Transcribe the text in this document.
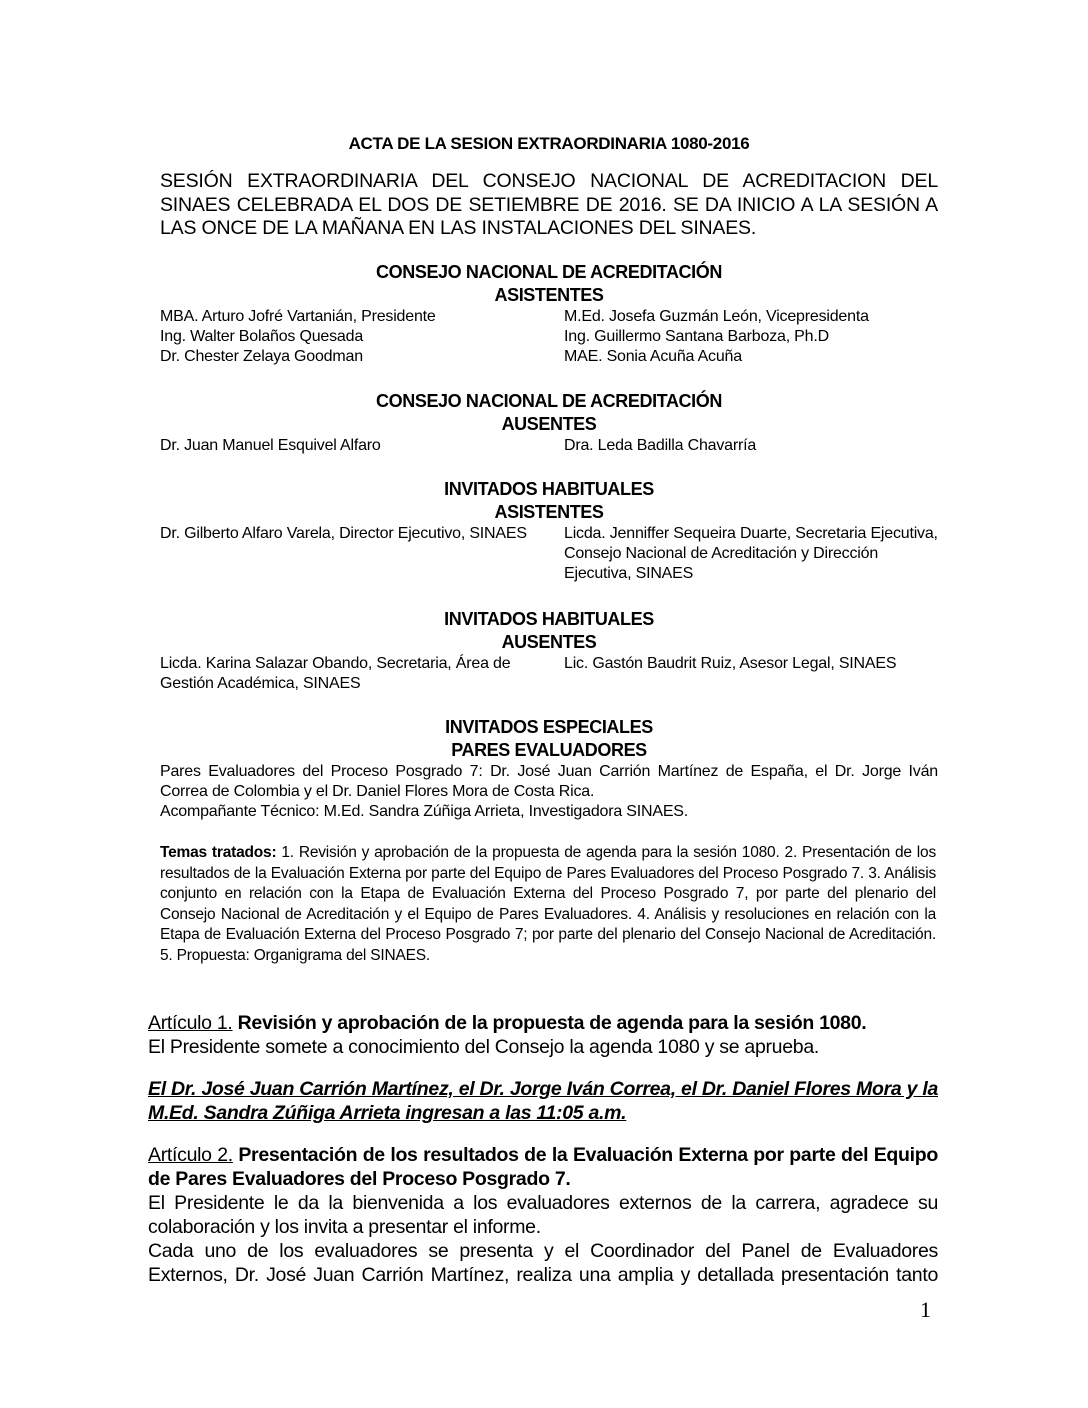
ACTA DE LA SESION EXTRAORDINARIA 1080-2016
SESIÓN EXTRAORDINARIA DEL CONSEJO NACIONAL DE ACREDITACION DEL SINAES CELEBRADA EL DOS DE SETIEMBRE DE 2016. SE DA INICIO A LA SESIÓN A LAS ONCE DE LA MAÑANA EN LAS INSTALACIONES DEL SINAES.
CONSEJO NACIONAL DE ACREDITACIÓN
ASISTENTES
MBA. Arturo Jofré Vartanián, Presidente
Ing. Walter Bolaños Quesada
Dr. Chester Zelaya Goodman
M.Ed. Josefa Guzmán León, Vicepresidenta
Ing. Guillermo Santana Barboza, Ph.D
MAE. Sonia Acuña Acuña
CONSEJO NACIONAL DE ACREDITACIÓN
AUSENTES
Dr. Juan Manuel Esquivel Alfaro	Dra. Leda Badilla Chavarría
INVITADOS HABITUALES
ASISTENTES
Dr. Gilberto Alfaro Varela, Director Ejecutivo, SINAES	Licda. Jenniffer Sequeira Duarte, Secretaria Ejecutiva, Consejo Nacional de Acreditación y Dirección Ejecutiva, SINAES
INVITADOS HABITUALES
AUSENTES
Licda. Karina Salazar Obando, Secretaria, Área de Gestión Académica, SINAES
Lic. Gastón Baudrit Ruiz, Asesor Legal, SINAES
INVITADOS ESPECIALES
PARES EVALUADORES
Pares Evaluadores del Proceso Posgrado 7: Dr. José Juan Carrión Martínez de España, el Dr. Jorge Iván Correa de Colombia y el Dr. Daniel Flores Mora de Costa Rica.
Acompañante Técnico: M.Ed. Sandra Zúñiga Arrieta, Investigadora SINAES.
Temas tratados: 1. Revisión y aprobación de la propuesta de agenda para la sesión 1080. 2. Presentación de los resultados de la Evaluación Externa por parte del Equipo de Pares Evaluadores del Proceso Posgrado 7. 3. Análisis conjunto en relación con la Etapa de Evaluación Externa del Proceso Posgrado 7, por parte del plenario del Consejo Nacional de Acreditación y el Equipo de Pares Evaluadores. 4. Análisis y resoluciones en relación con la Etapa de Evaluación Externa del Proceso Posgrado 7; por parte del plenario del Consejo Nacional de Acreditación. 5. Propuesta: Organigrama del SINAES.
Artículo 1. Revisión y aprobación de la propuesta de agenda para la sesión 1080.
El Presidente somete a conocimiento del Consejo la agenda 1080 y se aprueba.
El Dr. José Juan Carrión Martínez, el Dr. Jorge Iván Correa, el Dr. Daniel Flores Mora y la M.Ed. Sandra Zúñiga Arrieta ingresan a las 11:05 a.m.
Artículo 2. Presentación de los resultados de la Evaluación Externa por parte del Equipo de Pares Evaluadores del Proceso Posgrado 7.
El Presidente le da la bienvenida a los evaluadores externos de la carrera, agradece su colaboración y los invita a presentar el informe.
Cada uno de los evaluadores se presenta y el Coordinador del Panel de Evaluadores Externos, Dr. José Juan Carrión Martínez, realiza una amplia y detallada presentación tanto
1
